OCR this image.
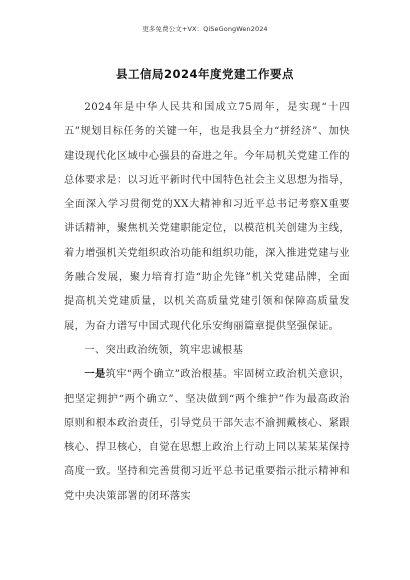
更多免费公文+VX：QiSeGongWen2024
县工信局2024年度党建工作要点

2024年是中华人民共和国成立75周年，是实现“十四五”规划目标任务的关键一年，也是我县全力“拼经济”、加快建设现代化区域中心强县的奋进之年。今年局机关党建工作的总体要求是：以习近平新时代中国特色社会主义思想为指导，全面深入学习贯彻党的XX大精神和习近平总书记考察X重要讲话精神，聚焦机关党建职能定位，以模范机关创建为主线，着力增强机关党组织政治功能和组织功能，深入推进党建与业务融合发展，聚力培育打造“助企先锋”机关党建品牌，全面提高机关党建质量，以机关高质量党建引领和保障高质量发展，为奋力谱写中国式现代化乐安绚丽篇章提供坚强保证。

一、突出政治统领，筑牢忠诚根基

一是筑牢“两个确立”政治根基。牢固树立政治机关意识，把坚定拥护“两个确立”、坚决做到“两个维护”作为最高政治原则和根本政治责任，引导党员干部矢志不渝拥戴核心、紧跟核心、捍卫核心，自觉在思想上政治上行动上同以某某某保持高度一致。坚持和完善贯彻习近平总书记重要指示批示精神和党中央决策部署的闭环落实
